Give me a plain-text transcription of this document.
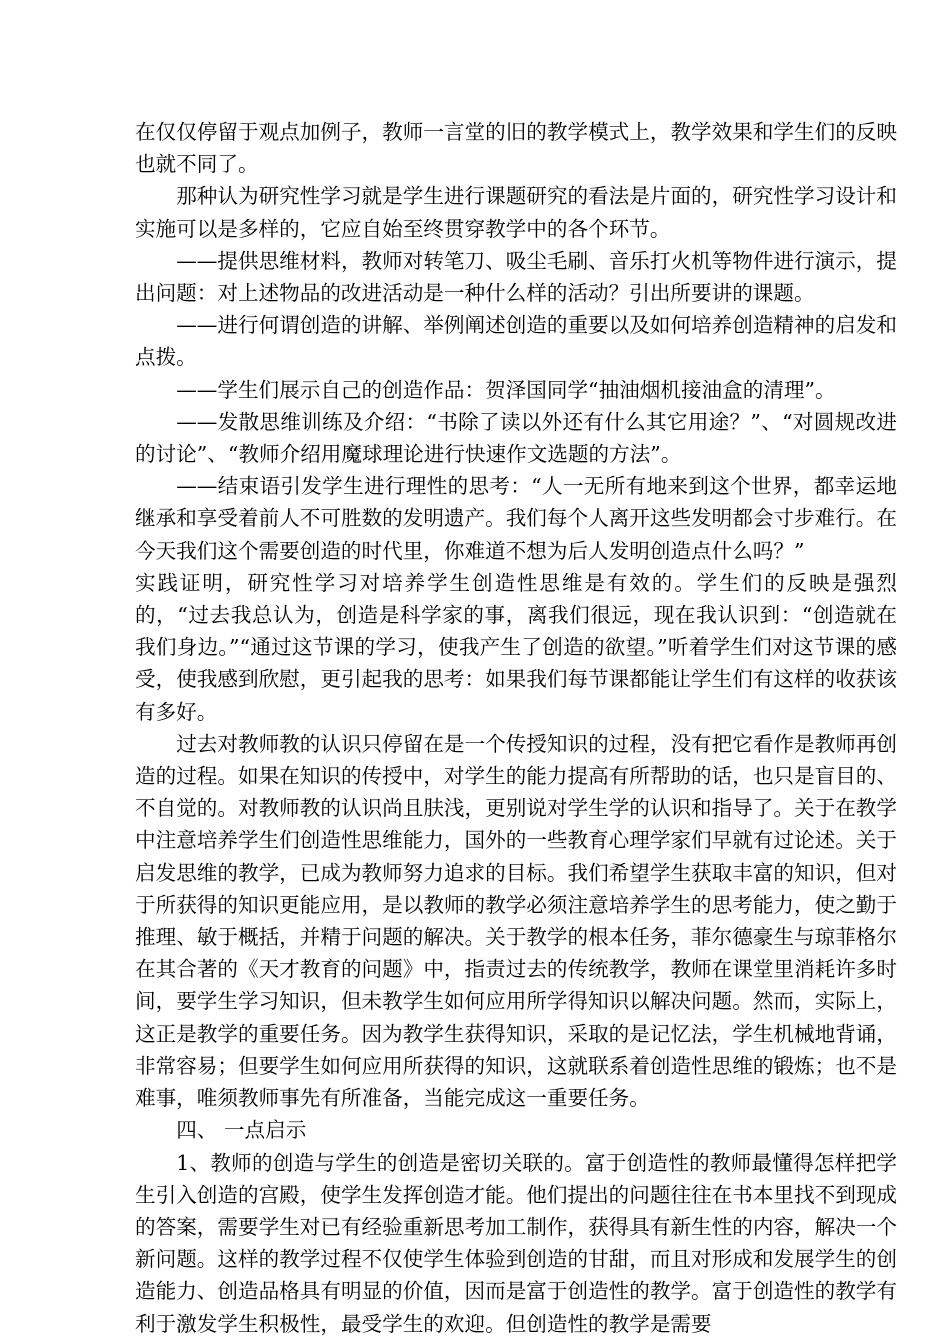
在仅仅停留于观点加例子，教师一言堂的旧的教学模式上，教学效果和学生们的反映也就不同了。

那种认为研究性学习就是学生进行课题研究的看法是片面的，研究性学习设计和实施可以是多样的，它应自始至终贯穿教学中的各个环节。

——提供思维材料，教师对转笔刀、吸尘毛刷、音乐打火机等物件进行演示，提出问题：对上述物品的改进活动是一种什么样的活动？引出所要讲的课题。

——进行何谓创造的讲解、举例阐述创造的重要以及如何培养创造精神的启发和点拨。

——学生们展示自己的创造作品：贺泽国同学“抽油烟机接油盒的清理”。

——发散思维训练及介绍：“书除了读以外还有什么其它用途？”、“对圆规改进的讨论”、“教师介绍用魔球理论进行快速作文选题的方法”。

——结束语引发学生进行理性的思考：“人一无所有地来到这个世界，都幸运地继承和享受着前人不可胜数的发明遗产。我们每个人离开这些发明都会寸步难行。在今天我们这个需要创造的时代里，你难道不想为后人发明创造点什么吗？”

实践证明，研究性学习对培养学生创造性思维是有效的。学生们的反映是强烈的，“过去我总认为，创造是科学家的事，离我们很远，现在我认识到：“创造就在我们身边。”“通过这节课的学习，使我产生了创造的欲望。”听着学生们对这节课的感受，使我感到欣慰，更引起我的思考：如果我们每节课都能让学生们有这样的收获该有多好。

过去对教师教的认识只停留在是一个传授知识的过程，没有把它看作是教师再创造的过程。如果在知识的传授中，对学生的能力提高有所帮助的话，也只是盲目的、不自觉的。对教师教的认识尚且肤浅，更别说对学生学的认识和指导了。关于在教学中注意培养学生们创造性思维能力，国外的一些教育心理学家们早就有过论述。关于启发思维的教学，已成为教师努力追求的目标。我们希望学生获取丰富的知识，但对于所获得的知识更能应用，是以教师的教学必须注意培养学生的思考能力，使之勤于推理、敏于概括，并精于问题的解决。关于教学的根本任务，菲尔德豪生与琼菲格尔在其合著的《天才教育的问题》中，指责过去的传统教学，教师在课堂里消耗许多时间，要学生学习知识，但未教学生如何应用所学得知识以解决问题。然而，实际上，这正是教学的重要任务。因为教学生获得知识，采取的是记忆法，学生机械地背诵，非常容易；但要学生如何应用所获得的知识，这就联系着创造性思维的锻炼；也不是难事，唯须教师事先有所准备，当能完成这一重要任务。

四、 一点启示

1、教师的创造与学生的创造是密切关联的。富于创造性的教师最懂得怎样把学生引入创造的宫殿，使学生发挥创造才能。他们提出的问题往往在书本里找不到现成的答案，需要学生对已有经验重新思考加工制作，获得具有新生性的内容，解决一个新问题。这样的教学过程不仅使学生体验到创造的甘甜，而且对形成和发展学生的创造能力、创造品格具有明显的价值，因而是富于创造性的教学。富于创造性的教学有利于激发学生积极性，最受学生的欢迎。但创造性的教学是需要
